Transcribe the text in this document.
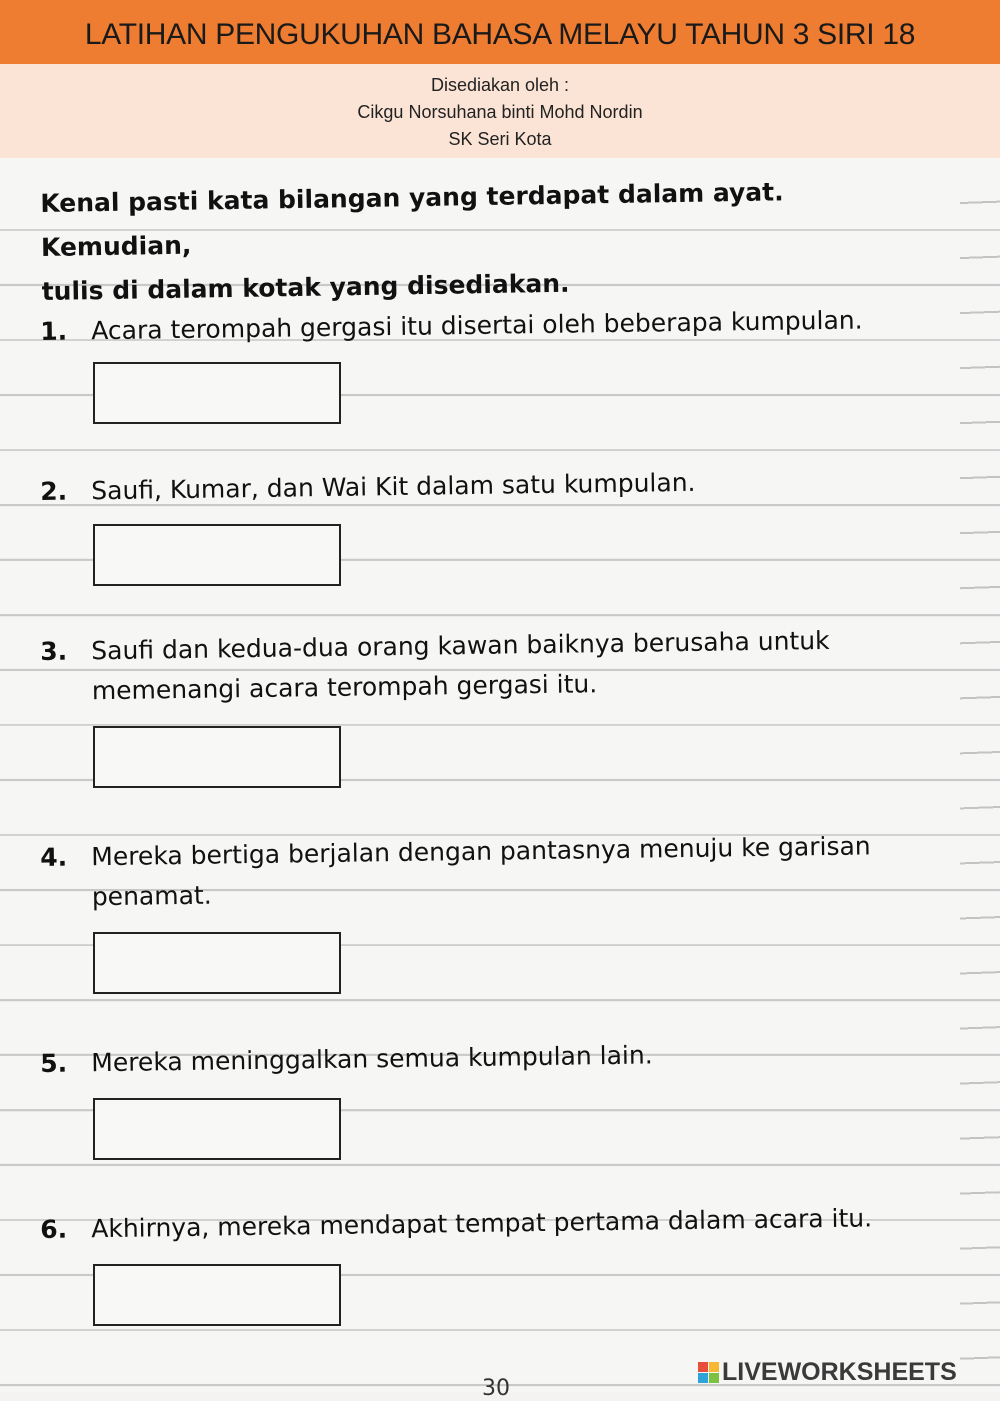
LATIHAN PENGUKUHAN BAHASA MELAYU TAHUN 3 SIRI 18
Disediakan oleh :
Cikgu Norsuhana binti Mohd Nordin
SK Seri Kota
Kenal pasti kata bilangan yang terdapat dalam ayat. Kemudian,
tulis di dalam kotak yang disediakan.
1. Acara terompah gergasi itu disertai oleh beberapa kumpulan.
2. Saufi, Kumar, dan Wai Kit dalam satu kumpulan.
3. Saufi dan kedua-dua orang kawan baiknya berusaha untuk
memenangi acara terompah gergasi itu.
4. Mereka bertiga berjalan dengan pantasnya menuju ke garisan
penamat.
5. Mereka meninggalkan semua kumpulan lain.
6. Akhirnya, mereka mendapat tempat pertama dalam acara itu.
30
LIVEWORKSHEETS
